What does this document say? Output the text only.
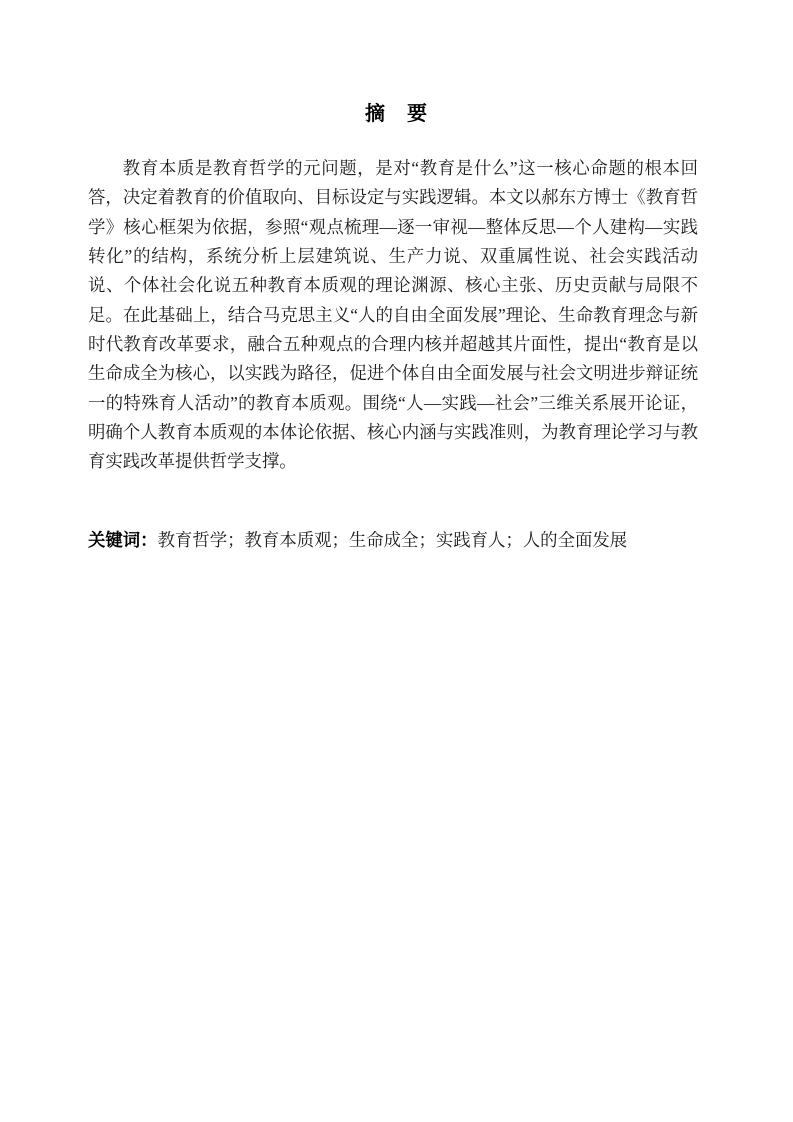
摘　要

教育本质是教育哲学的元问题，是对“教育是什么”这一核心命题的根本回答，决定着教育的价值取向、目标设定与实践逻辑。本文以郝东方博士《教育哲学》核心框架为依据，参照“观点梳理—逐一审视—整体反思—个人建构—实践转化”的结构，系统分析上层建筑说、生产力说、双重属性说、社会实践活动说、个体社会化说五种教育本质观的理论渊源、核心主张、历史贡献与局限不足。在此基础上，结合马克思主义“人的自由全面发展”理论、生命教育理念与新时代教育改革要求，融合五种观点的合理内核并超越其片面性，提出“教育是以生命成全为核心，以实践为路径，促进个体自由全面发展与社会文明进步辩证统一的特殊育人活动”的教育本质观。围绕“人—实践—社会”三维关系展开论证，明确个人教育本质观的本体论依据、核心内涵与实践准则，为教育理论学习与教育实践改革提供哲学支撑。

关键词：教育哲学；教育本质观；生命成全；实践育人；人的全面发展
